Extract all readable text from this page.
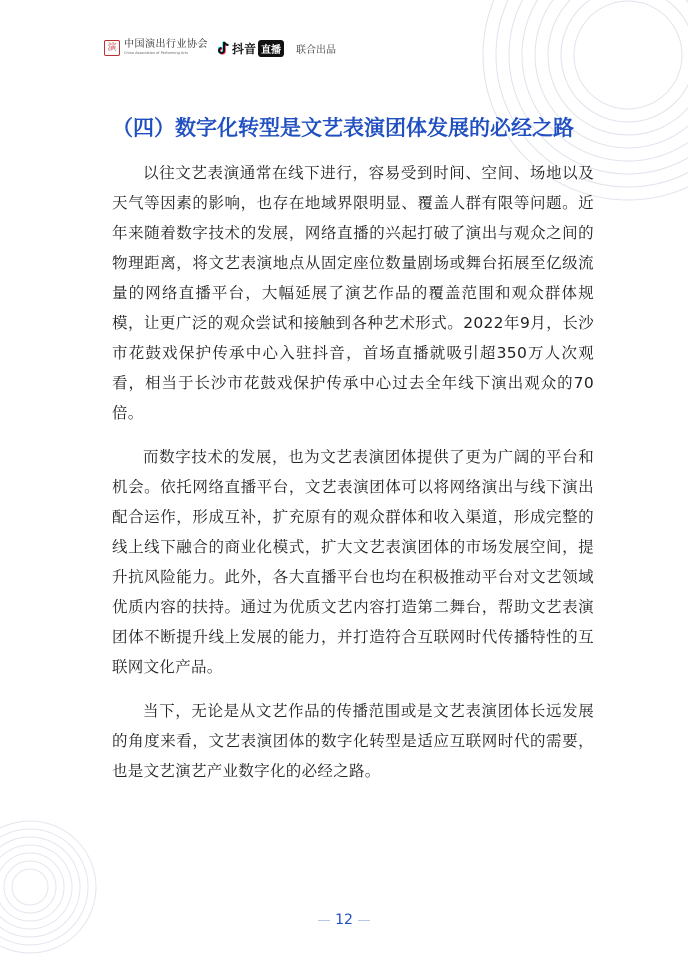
演 中国演出行业协会
China Association of Performing Arts	抖音 直播	联合出品
（四）数字化转型是文艺表演团体发展的必经之路

以往文艺表演通常在线下进行，容易受到时间、空间、场地以及天气等因素的影响，也存在地域界限明显、覆盖人群有限等问题。近年来随着数字技术的发展，网络直播的兴起打破了演出与观众之间的物理距离，将文艺表演地点从固定座位数量剧场或舞台拓展至亿级流量的网络直播平台，大幅延展了演艺作品的覆盖范围和观众群体规模，让更广泛的观众尝试和接触到各种艺术形式。2022年9月，长沙市花鼓戏保护传承中心入驻抖音，首场直播就吸引超350万人次观看，相当于长沙市花鼓戏保护传承中心过去全年线下演出观众的70倍。

而数字技术的发展，也为文艺表演团体提供了更为广阔的平台和机会。依托网络直播平台，文艺表演团体可以将网络演出与线下演出配合运作，形成互补，扩充原有的观众群体和收入渠道，形成完整的线上线下融合的商业化模式，扩大文艺表演团体的市场发展空间，提升抗风险能力。此外，各大直播平台也均在积极推动平台对文艺领域优质内容的扶持。通过为优质文艺内容打造第二舞台，帮助文艺表演团体不断提升线上发展的能力，并打造符合互联网时代传播特性的互联网文化产品。

当下，无论是从文艺作品的传播范围或是文艺表演团体长远发展的角度来看，文艺表演团体的数字化转型是适应互联网时代的需要，也是文艺演艺产业数字化的必经之路。

12
